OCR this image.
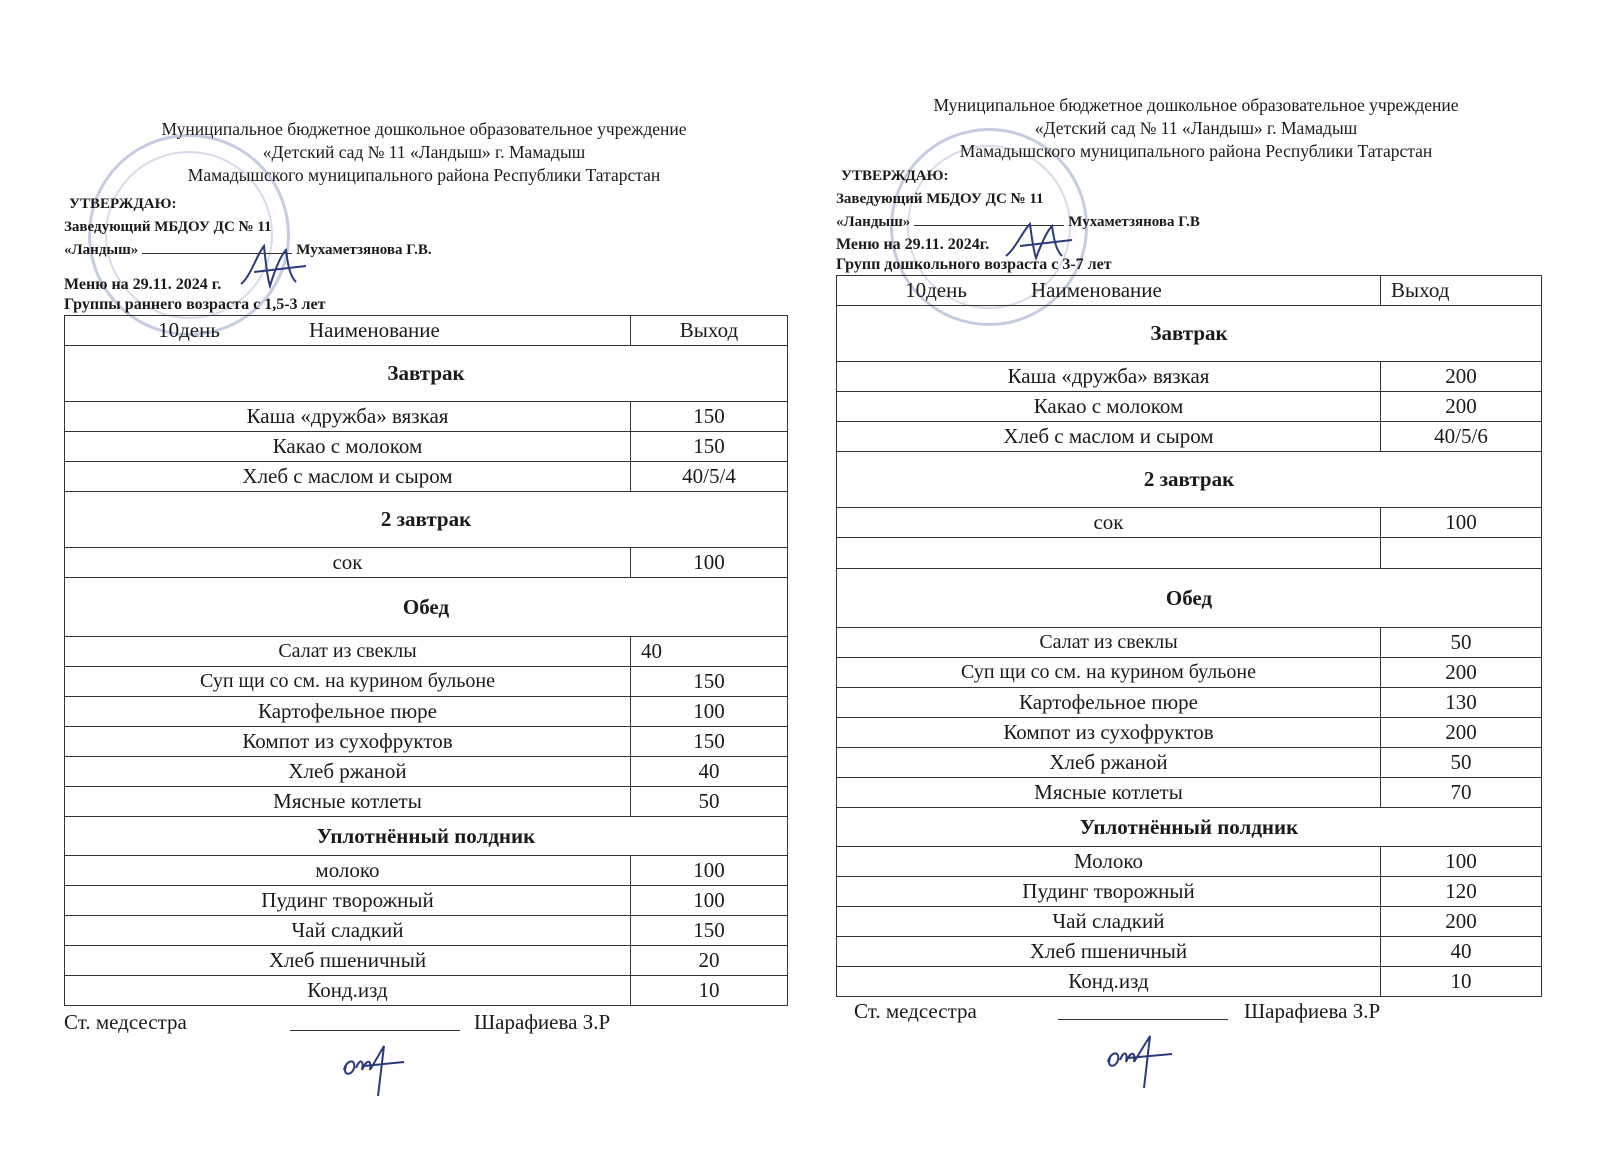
Муниципальное бюджетное дошкольное образовательное учреждение
«Детский сад № 11 «Ландыш» г. Мамадыш
Мамадышского муниципального района Республики Татарстан
УТВЕРЖДАЮ:
Заведующий МБДОУ ДС № 11
«Ландыш»	Мухаметзянова Г.В.
Меню на 29.11. 2024 г.
Группы раннего возраста с 1,5-3 лет
10день Наименование	Выход
Завтрак	
Каша «дружба» вязкая	150
Какао с молоком	150
Хлеб с маслом и сыром	40/5/4
2 завтрак	
сок	100
Обед	
Салат из свеклы	40
Суп щи со см. на курином бульоне	150
Картофельное пюре	100
Компот из сухофруктов	150
Хлеб ржаной	40
Мясные котлеты	50
Уплотнённый полдник	
молоко	100
Пудинг творожный	100
Чай сладкий	150
Хлеб пшеничный	20
Конд.изд	10
Ст. медсестра	Шарафиева З.Р
Муниципальное бюджетное дошкольное образовательное учреждение
«Детский сад № 11 «Ландыш» г. Мамадыш
Мамадышского муниципального района Республики Татарстан
УТВЕРЖДАЮ:
Заведующий МБДОУ ДС № 11
«Ландыш»	Мухаметзянова Г.В
Меню на 29.11. 2024г.
Групп дошкольного возраста с 3-7 лет
10день Наименование	Выход
Завтрак	
Каша «дружба» вязкая	200
Какао с молоком	200
Хлеб с маслом и сыром	40/5/6
2 завтрак	
сок	100

Обед	
Салат из свеклы	50
Суп щи со см. на курином бульоне	200
Картофельное пюре	130
Компот из сухофруктов	200
Хлеб ржаной	50
Мясные котлеты	70
Уплотнённый полдник	
Молоко	100
Пудинг творожный	120
Чай сладкий	200
Хлеб пшеничный	40
Конд.изд	10
Ст. медсестра	Шарафиева З.Р
